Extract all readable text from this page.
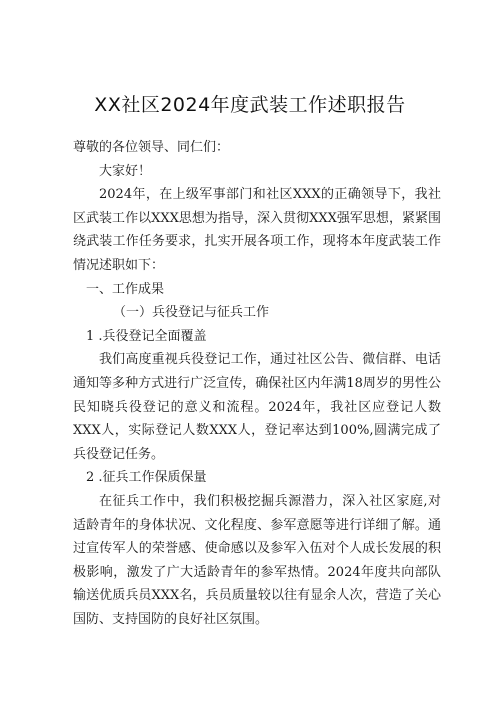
XX社区2024年度武装工作述职报告

尊敬的各位领导、同仁们：

大家好！

2024年，在上级军事部门和社区XXX的正确领导下，我社区武装工作以XXX思想为指导，深入贯彻XXX强军思想，紧紧围绕武装工作任务要求，扎实开展各项工作，现将本年度武装工作情况述职如下：

一、工作成果

（一）兵役登记与征兵工作

1 .兵役登记全面覆盖

我们高度重视兵役登记工作，通过社区公告、微信群、电话通知等多种方式进行广泛宣传，确保社区内年满18周岁的男性公民知晓兵役登记的意义和流程。2024年，我社区应登记人数XXX人，实际登记人数XXX人，登记率达到100%,圆满完成了兵役登记任务。

2 .征兵工作保质保量

在征兵工作中，我们积极挖掘兵源潜力，深入社区家庭,对适龄青年的身体状况、文化程度、参军意愿等进行详细了解。通过宣传军人的荣誉感、使命感以及参军入伍对个人成长发展的积极影响，激发了广大适龄青年的参军热情。2024年度共向部队输送优质兵员XXX名，兵员质量较以往有显余人次，营造了关心国防、支持国防的良好社区氛围。
